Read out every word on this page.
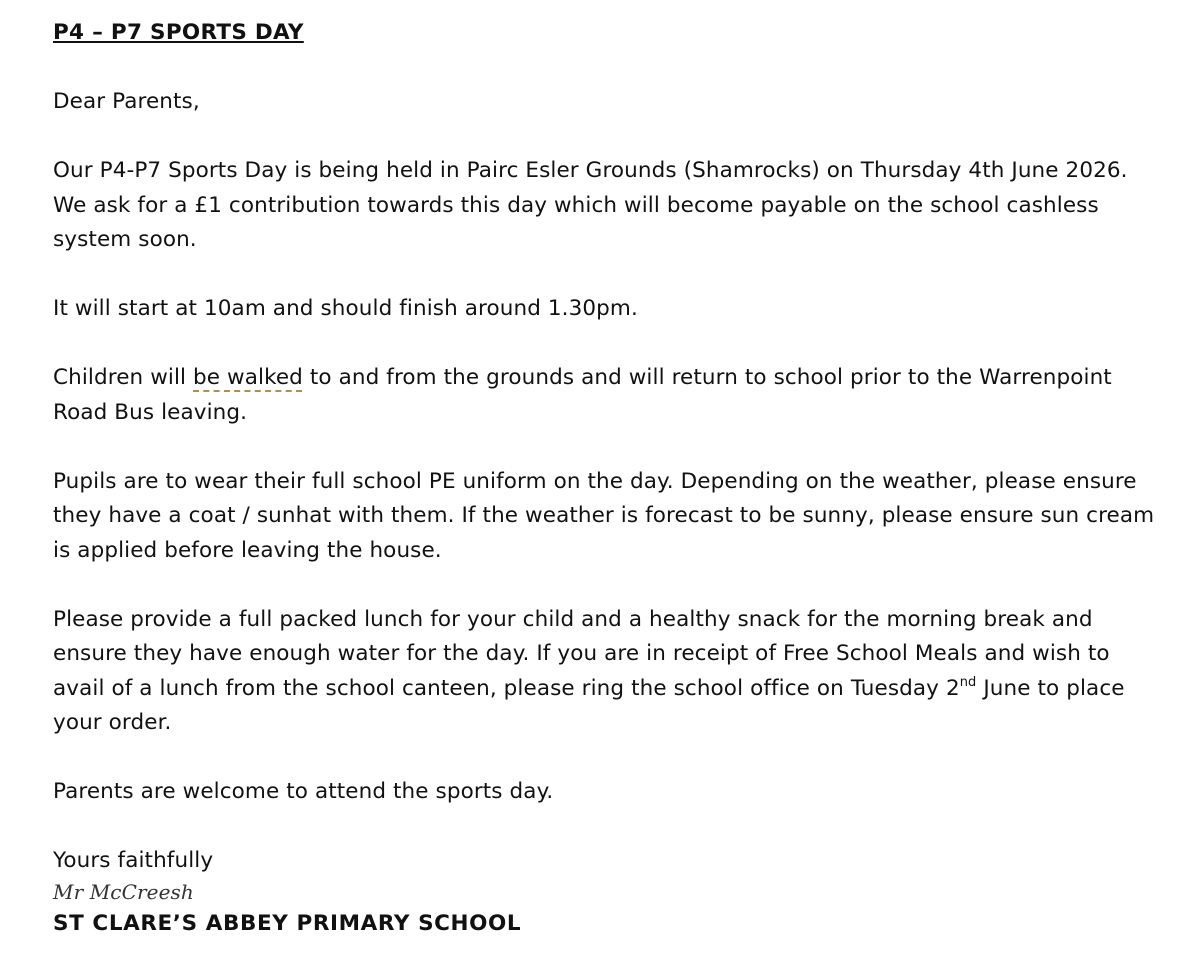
P4 – P7 SPORTS DAY

Dear Parents,

Our P4-P7 Sports Day is being held in Pairc Esler Grounds (Shamrocks) on Thursday 4th June 2026. We ask for a £1 contribution towards this day which will become payable on the school cashless system soon.

It will start at 10am and should finish around 1.30pm.

Children will be walked to and from the grounds and will return to school prior to the Warrenpoint Road Bus leaving.

Pupils are to wear their full school PE uniform on the day. Depending on the weather, please ensure they have a coat / sunhat with them. If the weather is forecast to be sunny, please ensure sun cream is applied before leaving the house.

Please provide a full packed lunch for your child and a healthy snack for the morning break and ensure they have enough water for the day. If you are in receipt of Free School Meals and wish to avail of a lunch from the school canteen, please ring the school office on Tuesday 2nd June to place your order.

Parents are welcome to attend the sports day.

Yours faithfully

Mr McCreesh

ST CLARE’S ABBEY PRIMARY SCHOOL
